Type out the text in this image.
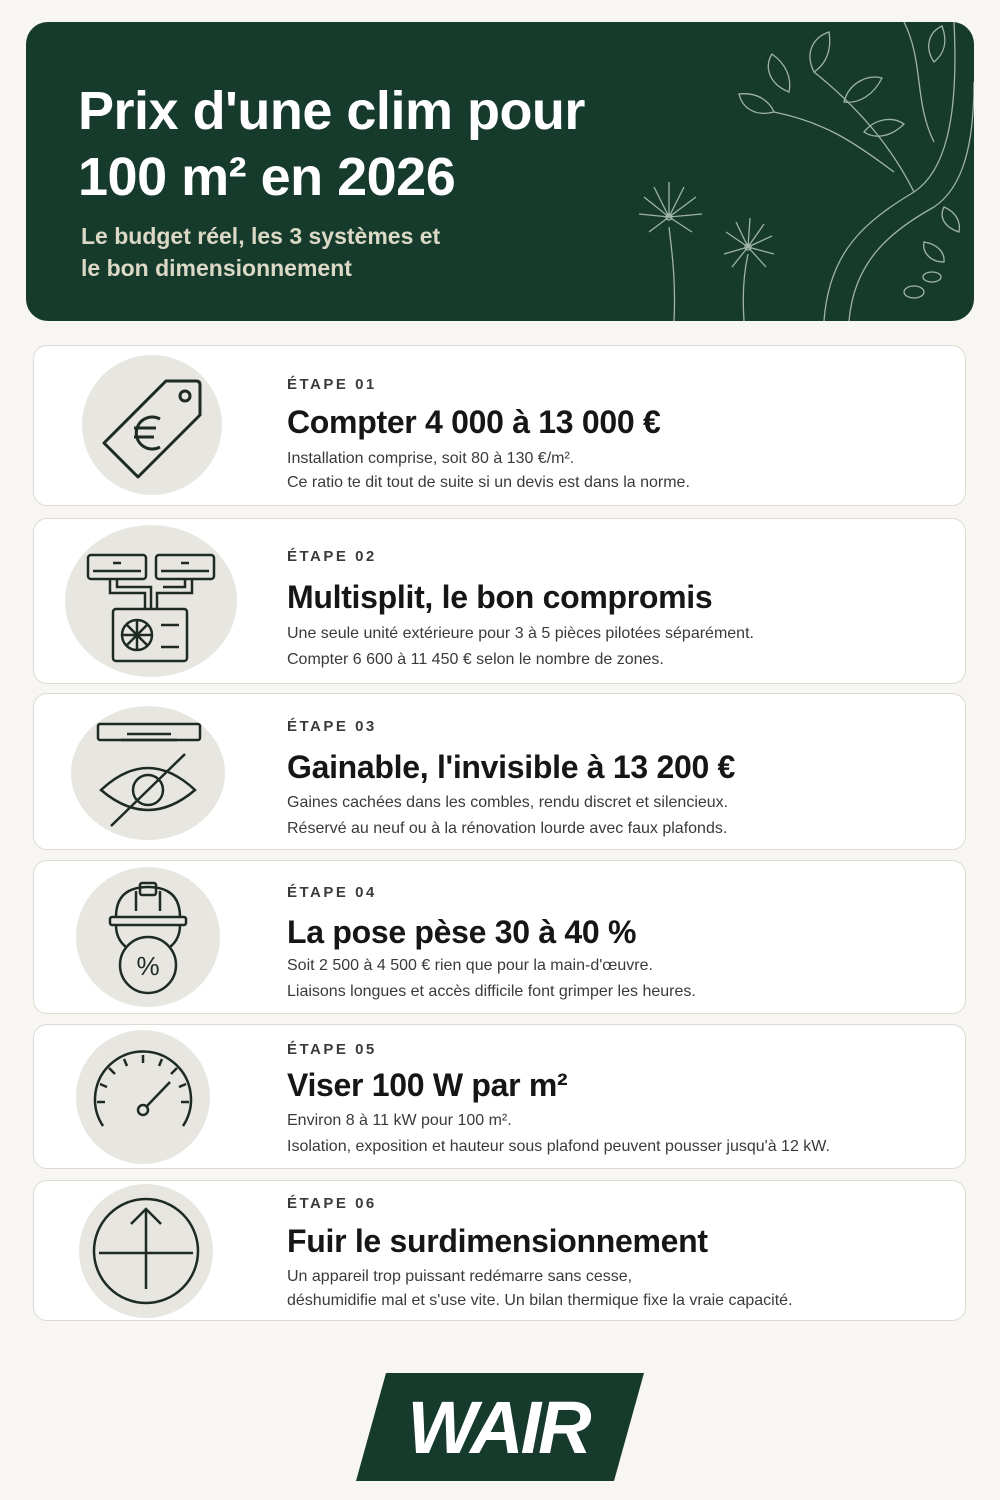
Prix d'une clim pour
100 m² en 2026
Le budget réel, les 3 systèmes et
le bon dimensionnement
ÉTAPE 01
Compter 4 000 à 13 000 €
Installation comprise, soit 80 à 130 €/m².
Ce ratio te dit tout de suite si un devis est dans la norme.
ÉTAPE 02
Multisplit, le bon compromis
Une seule unité extérieure pour 3 à 5 pièces pilotées séparément.
Compter 6 600 à 11 450 € selon le nombre de zones.
ÉTAPE 03
Gainable, l'invisible à 13 200 €
Gaines cachées dans les combles, rendu discret et silencieux.
Réservé au neuf ou à la rénovation lourde avec faux plafonds.
%
ÉTAPE 04
La pose pèse 30 à 40 %
Soit 2 500 à 4 500 € rien que pour la main-d'œuvre.
Liaisons longues et accès difficile font grimper les heures.
ÉTAPE 05
Viser 100 W par m²
Environ 8 à 11 kW pour 100 m².
Isolation, exposition et hauteur sous plafond peuvent pousser jusqu'à 12 kW.
ÉTAPE 06
Fuir le surdimensionnement
Un appareil trop puissant redémarre sans cesse,
déshumidifie mal et s'use vite. Un bilan thermique fixe la vraie capacité.
WAIR
